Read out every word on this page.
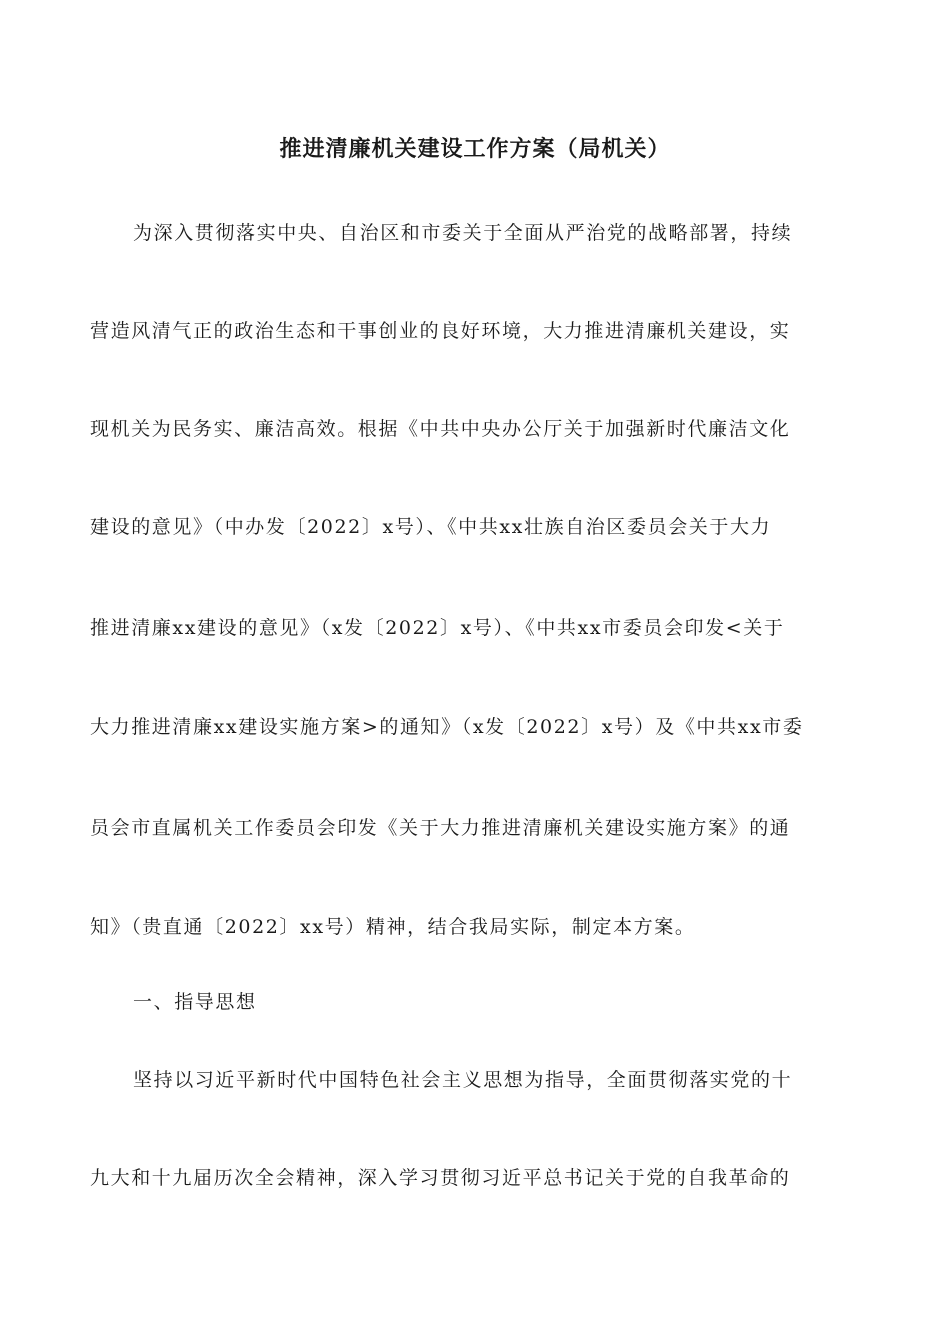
推进清廉机关建设工作方案（局机关）
为深入贯彻落实中央、自治区和市委关于全面从严治党的战略部署，持续
营造风清气正的政治生态和干事创业的良好环境，大力推进清廉机关建设，实
现机关为民务实、廉洁高效。根据《中共中央办公厅关于加强新时代廉洁文化
建设的意见》（中办发〔2022〕x号）、《中共xx壮族自治区委员会关于大力
推进清廉xx建设的意见》（x发〔2022〕x号）、《中共xx市委员会印发<关于
大力推进清廉xx建设实施方案>的通知》（x发〔2022〕x号）及《中共xx市委
员会市直属机关工作委员会印发《关于大力推进清廉机关建设实施方案》的通
知》（贵直通〔2022〕xx号）精神，结合我局实际，制定本方案。
一、指导思想
坚持以习近平新时代中国特色社会主义思想为指导，全面贯彻落实党的十
九大和十九届历次全会精神，深入学习贯彻习近平总书记关于党的自我革命的
